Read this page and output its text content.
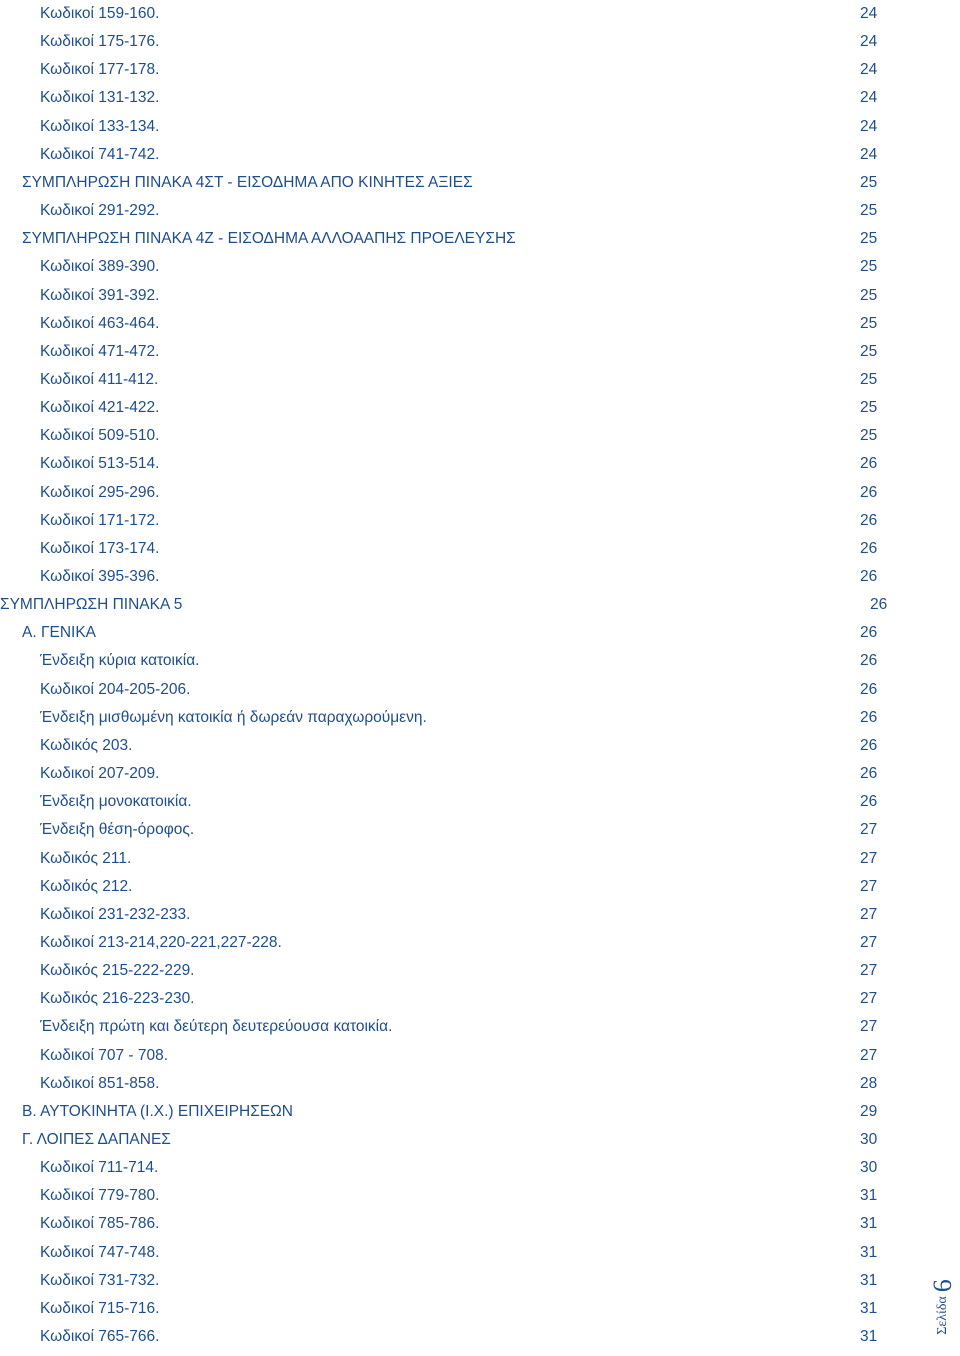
Κωδικοί 159-160.	24
Κωδικοί 175-176.	24
Κωδικοί 177-178.	24
Κωδικοί 131-132.	24
Κωδικοί 133-134.	24
Κωδικοί 741-742.	24
ΣΥΜΠΛΗΡΩΣΗ ΠΙΝΑΚΑ 4ΣΤ - ΕΙΣΟΔΗΜΑ ΑΠΟ ΚΙΝΗΤΕΣ ΑΞΙΕΣ	25
Κωδικοί 291-292.	25
ΣΥΜΠΛΗΡΩΣΗ ΠΙΝΑΚΑ 4Ζ - ΕΙΣΟΔΗΜΑ ΑΛΛΟΑΑΠΗΣ ΠΡΟΕΛΕΥΣΗΣ	25
Κωδικοί 389-390.	25
Κωδικοί 391-392.	25
Κωδικοί 463-464.	25
Κωδικοί 471-472.	25
Κωδικοί 411-412.	25
Κωδικοί 421-422.	25
Κωδικοί 509-510.	25
Κωδικοί 513-514.	26
Κωδικοί 295-296.	26
Κωδικοί 171-172.	26
Κωδικοί 173-174.	26
Κωδικοί 395-396.	26
ΣΥΜΠΛΗΡΩΣΗ ΠΙΝΑΚΑ 5	26
Α. ΓΕΝΙΚΑ	26
Ένδειξη κύρια κατοικία.	26
Κωδικοί 204-205-206.	26
Ένδειξη μισθωμένη κατοικία ή δωρεάν παραχωρούμενη.	26
Κωδικός 203.	26
Κωδικοί 207-209.	26
Ένδειξη μονοκατοικία.	26
Ένδειξη θέση-όροφος.	27
Κωδικός 211.	27
Κωδικός 212.	27
Κωδικοί 231-232-233.	27
Κωδικοί 213-214,220-221,227-228.	27
Κωδικός 215-222-229.	27
Κωδικός 216-223-230.	27
Ένδειξη πρώτη και δεύτερη δευτερεύουσα κατοικία.	27
Κωδικοί 707 - 708.	27
Κωδικοί 851-858.	28
Β. ΑΥΤΟΚΙΝΗΤΑ (Ι.Χ.) ΕΠΙΧΕΙΡΗΣΕΩΝ	29
Γ. ΛΟΙΠΕΣ ΔΑΠΑΝΕΣ	30
Κωδικοί 711-714.	30
Κωδικοί 779-780.	31
Κωδικοί 785-786.	31
Κωδικοί 747-748.	31
Κωδικοί 731-732.	31
Κωδικοί 715-716.	31
Κωδικοί 765-766.	31
Σελίδα6
